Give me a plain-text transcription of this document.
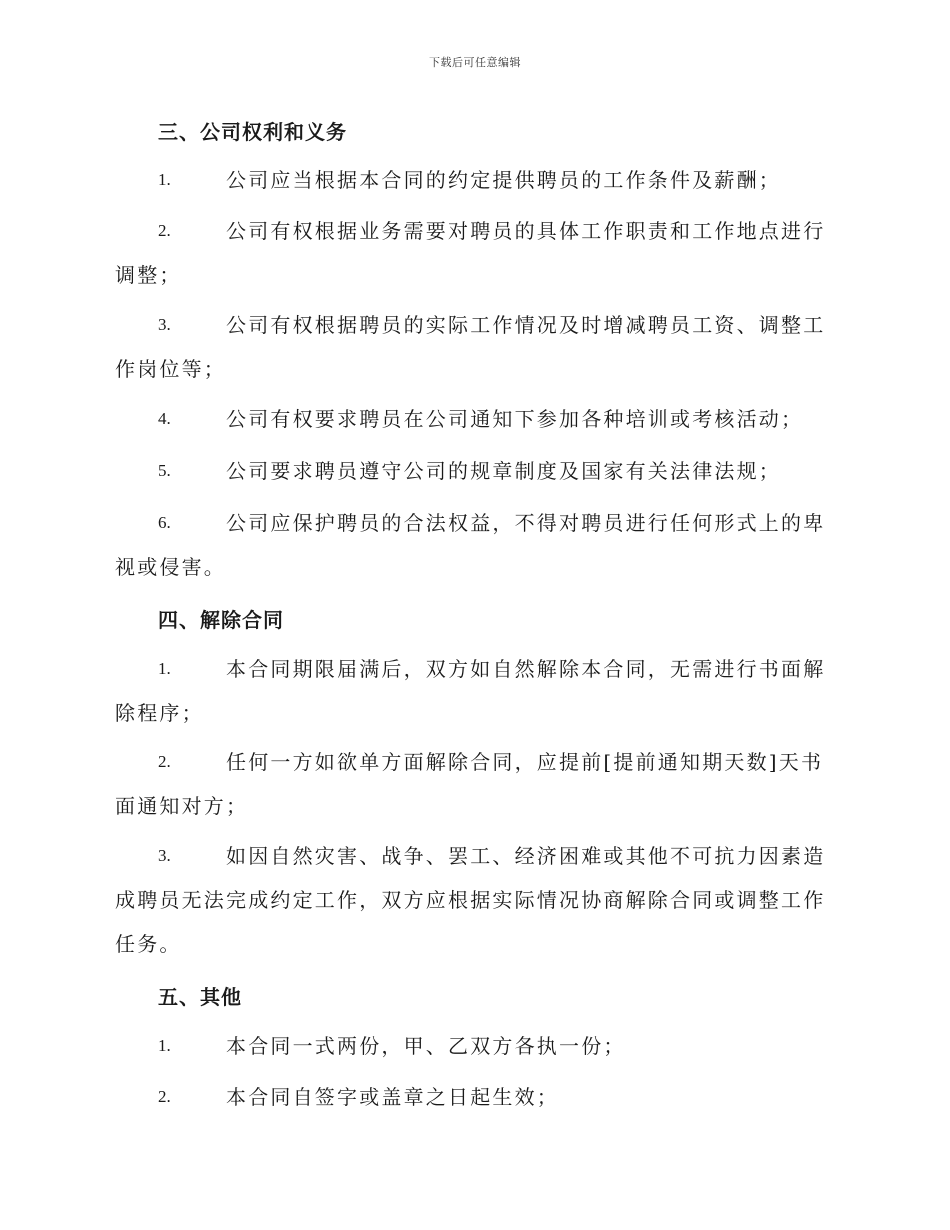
下载后可任意编辑
三、公司权利和义务
1.	公司应当根据本合同的约定提供聘员的工作条件及薪酬；
2.	公司有权根据业务需要对聘员的具体工作职责和工作地点进行调整；
3.	公司有权根据聘员的实际工作情况及时增减聘员工资、调整工作岗位等；
4.	公司有权要求聘员在公司通知下参加各种培训或考核活动；
5.	公司要求聘员遵守公司的规章制度及国家有关法律法规；
6.	公司应保护聘员的合法权益，不得对聘员进行任何形式上的卑视或侵害。
四、解除合同
1.	本合同期限届满后，双方如自然解除本合同，无需进行书面解除程序；
2.	任何一方如欲单方面解除合同，应提前[提前通知期天数]天书面通知对方；
3.	如因自然灾害、战争、罢工、经济困难或其他不可抗力因素造成聘员无法完成约定工作，双方应根据实际情况协商解除合同或调整工作任务。
五、其他
1.	本合同一式两份，甲、乙双方各执一份；
2.	本合同自签字或盖章之日起生效；
